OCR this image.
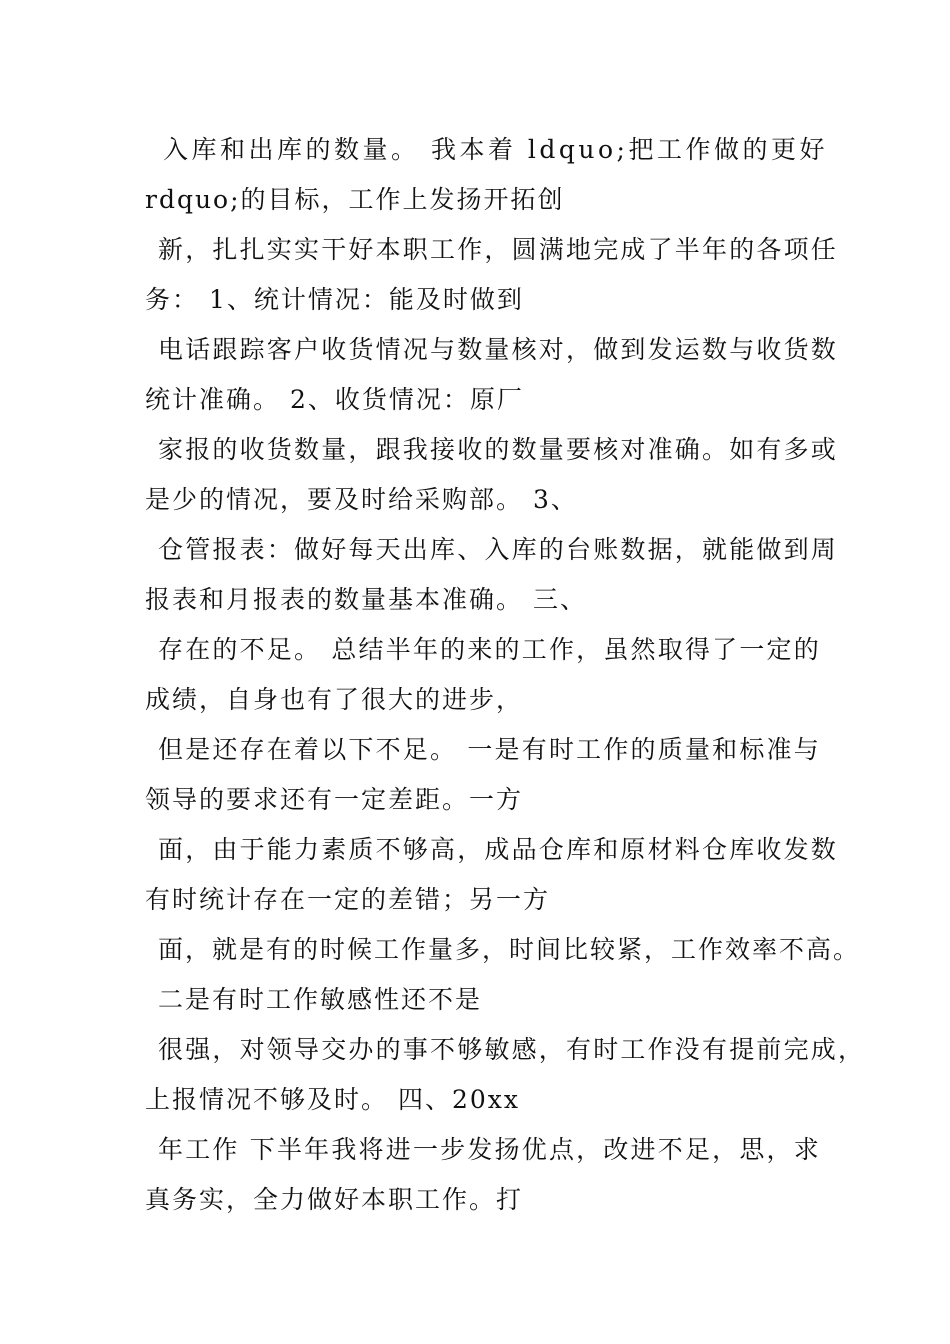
入库和出库的数量。 我本着 ldquo;把工作做的更好
rdquo;的目标，工作上发扬开拓创
新，扎扎实实干好本职工作，圆满地完成了半年的各项任
务： 1、统计情况：能及时做到
电话跟踪客户收货情况与数量核对，做到发运数与收货数
统计准确。 2、收货情况：原厂
家报的收货数量，跟我接收的数量要核对准确。如有多或
是少的情况，要及时给采购部。 3、
仓管报表：做好每天出库、入库的台账数据，就能做到周
报表和月报表的数量基本准确。 三、
存在的不足。 总结半年的来的工作，虽然取得了一定的
成绩，自身也有了很大的进步，
但是还存在着以下不足。 一是有时工作的质量和标准与
领导的要求还有一定差距。一方
面，由于能力素质不够高，成品仓库和原材料仓库收发数
有时统计存在一定的差错；另一方
面，就是有的时候工作量多，时间比较紧，工作效率不高。
二是有时工作敏感性还不是
很强，对领导交办的事不够敏感，有时工作没有提前完成，
上报情况不够及时。 四、20xx
年工作 下半年我将进一步发扬优点，改进不足，思，求
真务实，全力做好本职工作。打
